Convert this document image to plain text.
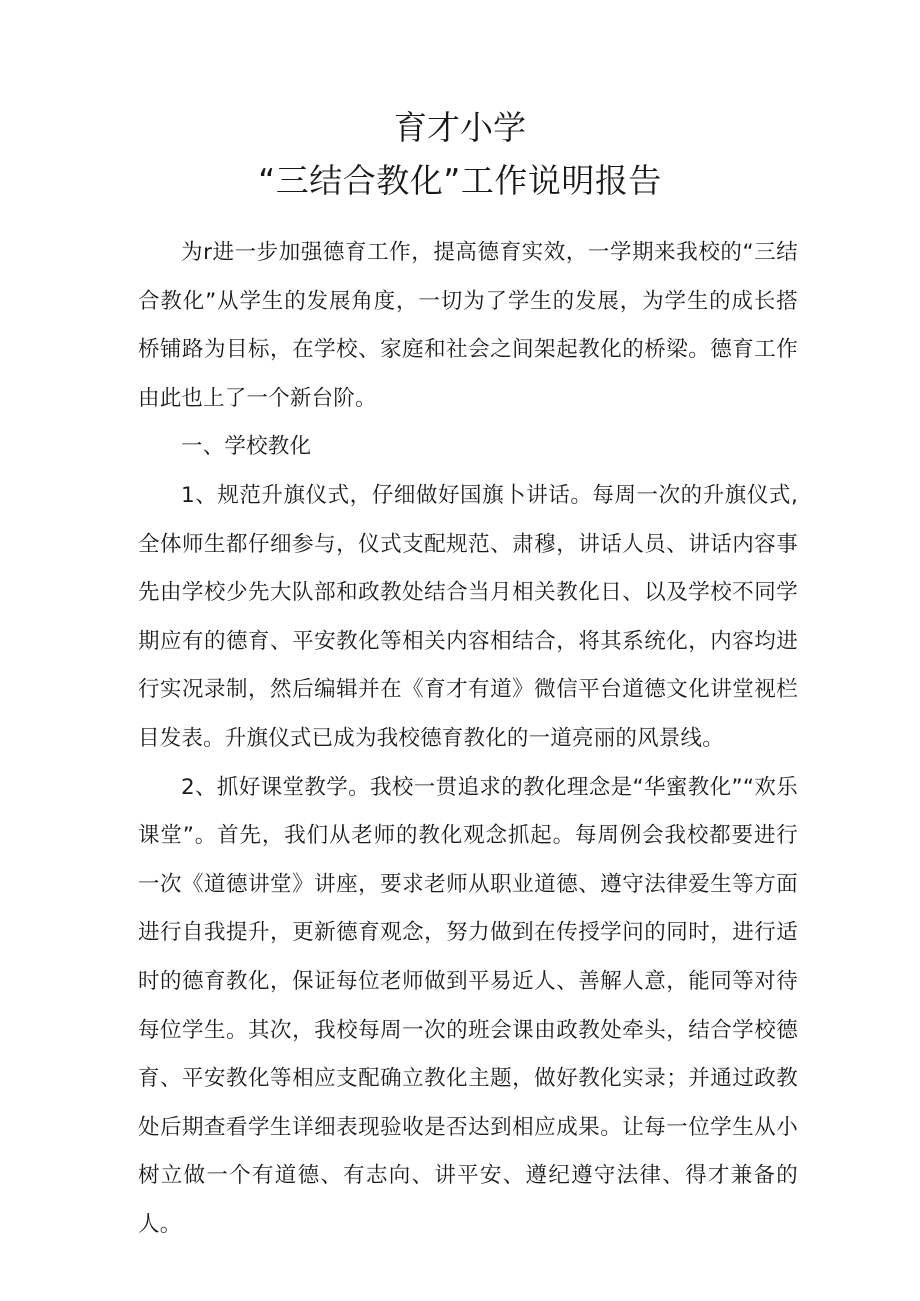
育才小学
“三结合教化”工作说明报告

为r进一步加强德育工作，提高德育实效，一学期来我校的“三结合教化”从学生的发展角度，一切为了学生的发展，为学生的成长搭桥铺路为目标，在学校、家庭和社会之间架起教化的桥梁。德育工作由此也上了一个新台阶。

一、学校教化

1、规范升旗仪式，仔细做好国旗卜讲话。每周一次的升旗仪式,全体师生都仔细参与，仪式支配规范、肃穆，讲话人员、讲话内容事先由学校少先大队部和政教处结合当月相关教化日、以及学校不同学期应有的德育、平安教化等相关内容相结合，将其系统化，内容均进行实况录制，然后编辑并在《育才有道》微信平台道德文化讲堂视栏目发表。升旗仪式已成为我校德育教化的一道亮丽的风景线。

2、抓好课堂教学。我校一贯追求的教化理念是“华蜜教化”“欢乐课堂”。首先，我们从老师的教化观念抓起。每周例会我校都要进行一次《道德讲堂》讲座，要求老师从职业道德、遵守法律爱生等方面进行自我提升，更新德育观念，努力做到在传授学问的同时，进行适时的德育教化，保证每位老师做到平易近人、善解人意，能同等对待每位学生。其次，我校每周一次的班会课由政教处牵头，结合学校德育、平安教化等相应支配确立教化主题，做好教化实录；并通过政教处后期查看学生详细表现验收是否达到相应成果。让每一位学生从小树立做一个有道德、有志向、讲平安、遵纪遵守法律、得才兼备的人。
